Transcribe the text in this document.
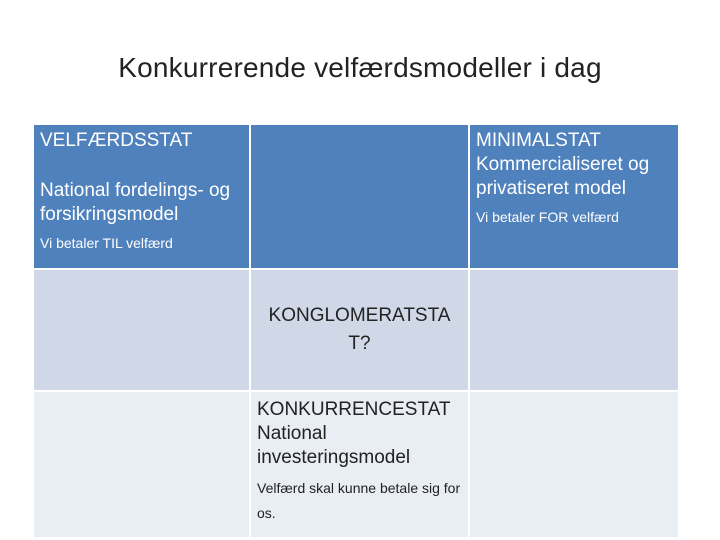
Konkurrerende velfærdsmodeller i dag
VELFÆRDSSTAT
National fordelings- og forsikringsmodel
Vi betaler TIL velfærd
MINIMALSTAT
Kommercialiseret og privatiseret model
Vi betaler FOR velfærd
KONGLOMERATSTA T?
KONKURRENCESTAT
National investeringsmodel
Velfærd skal kunne betale sig for os.
